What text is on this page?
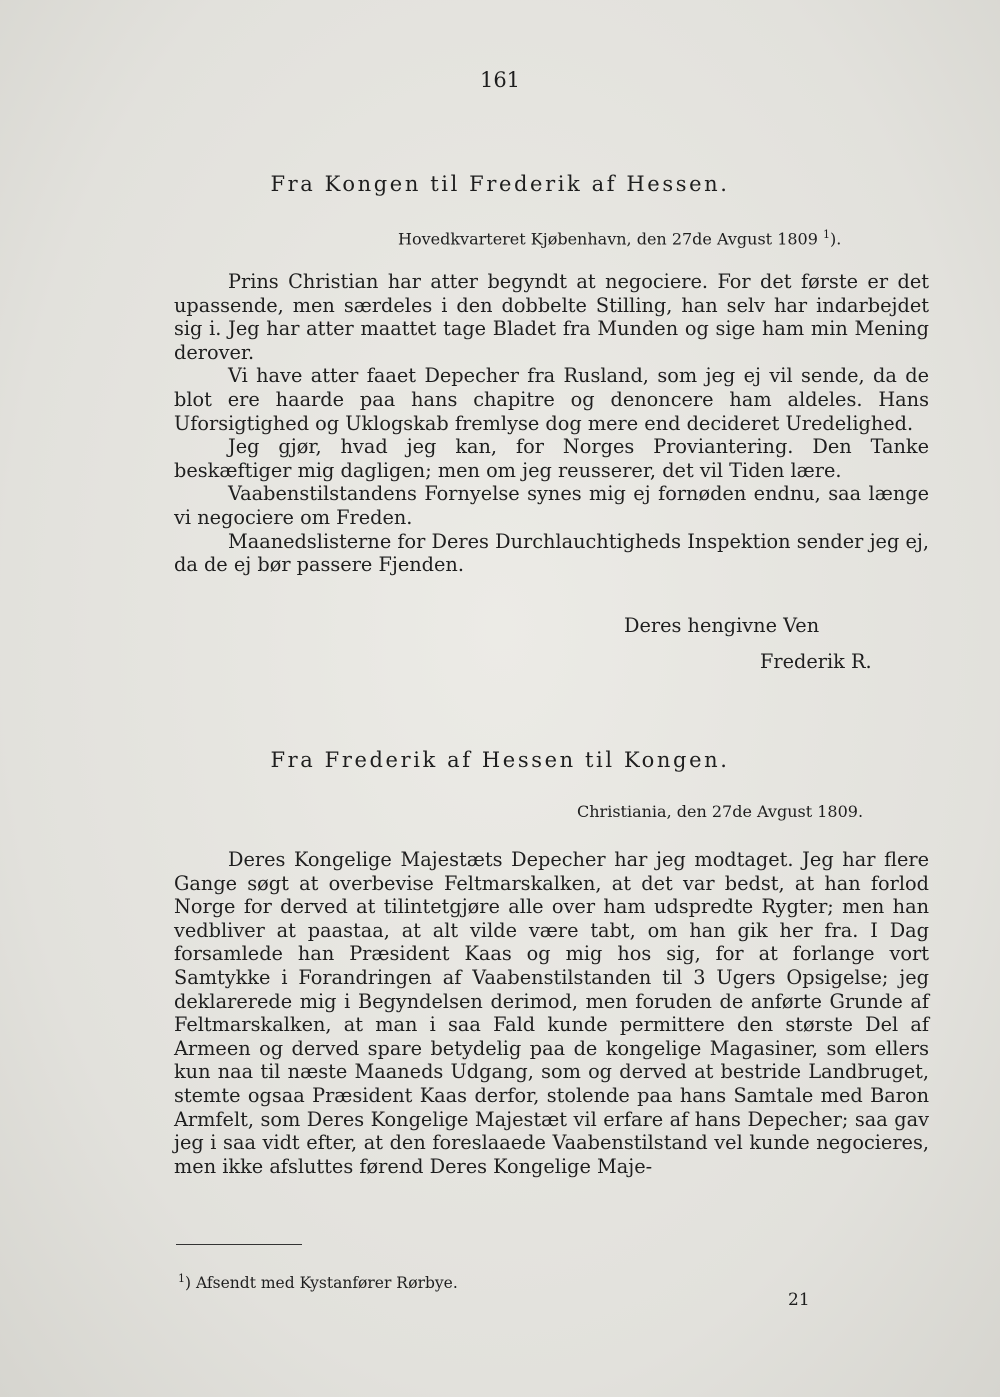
161
Fra Kongen til Frederik af Hessen.
Hovedkvarteret Kjøbenhavn, den 27de Avgust 1809 $^1$).

Prins Christian har atter begyndt at negociere. For det første er det upassende, men særdeles i den dobbelte Stilling, han selv har indarbejdet sig i. Jeg har atter maattet tage Bladet fra Munden og sige ham min Mening derover.

Vi have atter faaet Depecher fra Rusland, som jeg ej vil sende, da de blot ere haarde paa hans chapitre og denoncere ham aldeles. Hans Uforsigtighed og Uklogskab fremlyse dog mere end decideret Uredelighed.

Jeg gjør, hvad jeg kan, for Norges Proviantering. Den Tanke beskæftiger mig dagligen; men om jeg reusserer, det vil Tiden lære.

Vaabenstilstandens Fornyelse synes mig ej fornøden endnu, saa længe vi negociere om Freden.

Maanedslisterne for Deres Durchlauchtigheds Inspektion sender jeg ej, da de ej bør passere Fjenden.

Deres hengivne Ven
Frederik R.
Fra Frederik af Hessen til Kongen.
Christiania, den 27de Avgust 1809.

Deres Kongelige Majestæts Depecher har jeg modtaget. Jeg har flere Gange søgt at overbevise Feltmarskalken, at det var bedst, at han forlod Norge for derved at tilintetgjøre alle over ham udspredte Rygter; men han vedbliver at paastaa, at alt vilde være tabt, om han gik her fra. I Dag forsamlede han Præsident Kaas og mig hos sig, for at forlange vort Samtykke i Forandringen af Vaabenstilstanden til 3 Ugers Opsigelse; jeg deklarerede mig i Begyndelsen derimod, men foruden de anførte Grunde af Feltmarskalken, at man i saa Fald kunde permittere den største Del af Armeen og derved spare betydelig paa de kongelige Magasiner, som ellers kun naa til næste Maaneds Udgang, som og derved at bestride Landbruget, stemte ogsaa Præsident Kaas derfor, stolende paa hans Samtale med Baron Armfelt, som Deres Kongelige Majestæt vil erfare af hans Depecher; saa gav jeg i saa vidt efter, at den foreslaaede Vaabenstilstand vel kunde negocieres, men ikke afsluttes førend Deres Kongelige Maje-

$^1$) Afsendt med Kystanfører Rørbye.
21
